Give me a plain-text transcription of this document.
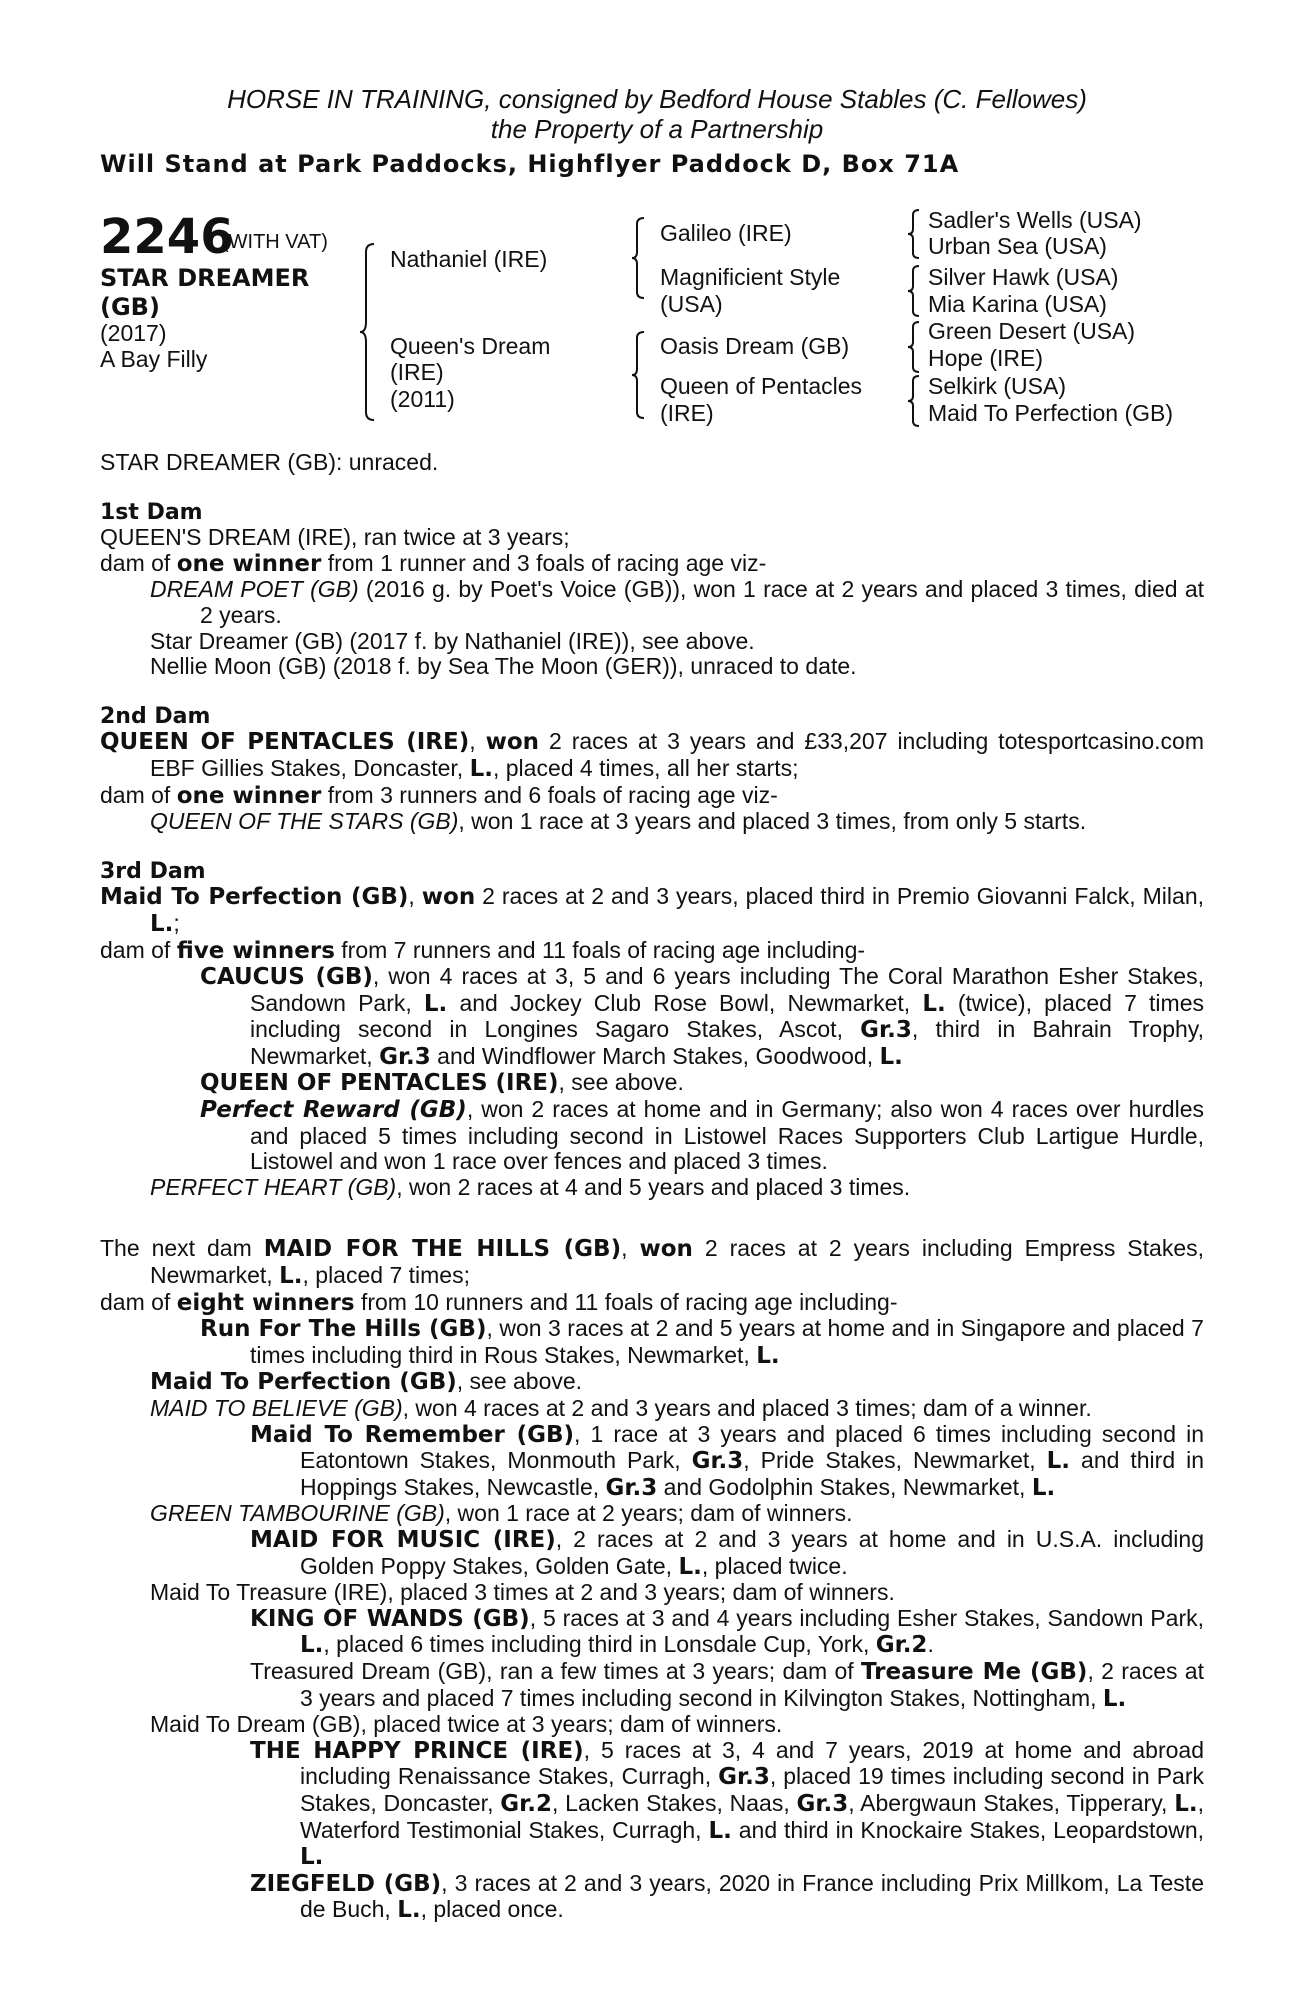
HORSE IN TRAINING, consigned by Bedford House Stables (C. Fellowes)
the Property of a Partnership
Will Stand at Park Paddocks, Highflyer Paddock D, Box 71A
2246
(WITH VAT)
STAR DREAMER (GB)
(2017)
A Bay Filly
Nathaniel (IRE)
Queen's Dream
(IRE)
(2011)
Galileo (IRE)
Magnificient Style
(USA)
Oasis Dream (GB)
Queen of Pentacles
(IRE)
Sadler's Wells (USA)
Urban Sea (USA)
Silver Hawk (USA)
Mia Karina (USA)
Green Desert (USA)
Hope (IRE)
Selkirk (USA)
Maid To Perfection (GB)

STAR DREAMER (GB): unraced.

1st Dam

QUEEN'S DREAM (IRE), ran twice at 3 years;

dam of one winner from 1 runner and 3 foals of racing age viz-

DREAM POET (GB) (2016 g. by Poet's Voice (GB)), won 1 race at 2 years and placed 3 times, died at 2 years.

Star Dreamer (GB) (2017 f. by Nathaniel (IRE)), see above.

Nellie Moon (GB) (2018 f. by Sea The Moon (GER)), unraced to date.

2nd Dam

QUEEN OF PENTACLES (IRE), won 2 races at 3 years and £33,207 including totesportcasino.com EBF Gillies Stakes, Doncaster, L., placed 4 times, all her starts;

dam of one winner from 3 runners and 6 foals of racing age viz-

QUEEN OF THE STARS (GB), won 1 race at 3 years and placed 3 times, from only 5 starts.

3rd Dam

Maid To Perfection (GB), won 2 races at 2 and 3 years, placed third in Premio Giovanni Falck, Milan, L.;

dam of five winners from 7 runners and 11 foals of racing age including-

CAUCUS (GB), won 4 races at 3, 5 and 6 years including The Coral Marathon Esher Stakes, Sandown Park, L. and Jockey Club Rose Bowl, Newmarket, L. (twice), placed 7 times including second in Longines Sagaro Stakes, Ascot, Gr.3, third in Bahrain Trophy, Newmarket, Gr.3 and Windflower March Stakes, Goodwood, L.

QUEEN OF PENTACLES (IRE), see above.

Perfect Reward (GB), won 2 races at home and in Germany; also won 4 races over hurdles and placed 5 times including second in Listowel Races Supporters Club Lartigue Hurdle, Listowel and won 1 race over fences and placed 3 times.

PERFECT HEART (GB), won 2 races at 4 and 5 years and placed 3 times.

The next dam MAID FOR THE HILLS (GB), won 2 races at 2 years including Empress Stakes, Newmarket, L., placed 7 times;

dam of eight winners from 10 runners and 11 foals of racing age including-

Run For The Hills (GB), won 3 races at 2 and 5 years at home and in Singapore and placed 7 times including third in Rous Stakes, Newmarket, L.

Maid To Perfection (GB), see above.

MAID TO BELIEVE (GB), won 4 races at 2 and 3 years and placed 3 times; dam of a winner.

Maid To Remember (GB), 1 race at 3 years and placed 6 times including second in Eatontown Stakes, Monmouth Park, Gr.3, Pride Stakes, Newmarket, L. and third in Hoppings Stakes, Newcastle, Gr.3 and Godolphin Stakes, Newmarket, L.

GREEN TAMBOURINE (GB), won 1 race at 2 years; dam of winners.

MAID FOR MUSIC (IRE), 2 races at 2 and 3 years at home and in U.S.A. including Golden Poppy Stakes, Golden Gate, L., placed twice.

Maid To Treasure (IRE), placed 3 times at 2 and 3 years; dam of winners.

KING OF WANDS (GB), 5 races at 3 and 4 years including Esher Stakes, Sandown Park, L., placed 6 times including third in Lonsdale Cup, York, Gr.2.

Treasured Dream (GB), ran a few times at 3 years; dam of Treasure Me (GB), 2 races at 3 years and placed 7 times including second in Kilvington Stakes, Nottingham, L.

Maid To Dream (GB), placed twice at 3 years; dam of winners.

THE HAPPY PRINCE (IRE), 5 races at 3, 4 and 7 years, 2019 at home and abroad including Renaissance Stakes, Curragh, Gr.3, placed 19 times including second in Park Stakes, Doncaster, Gr.2, Lacken Stakes, Naas, Gr.3, Abergwaun Stakes, Tipperary, L., Waterford Testimonial Stakes, Curragh, L. and third in Knockaire Stakes, Leopardstown, L.

ZIEGFELD (GB), 3 races at 2 and 3 years, 2020 in France including Prix Millkom, La Teste de Buch, L., placed once.
